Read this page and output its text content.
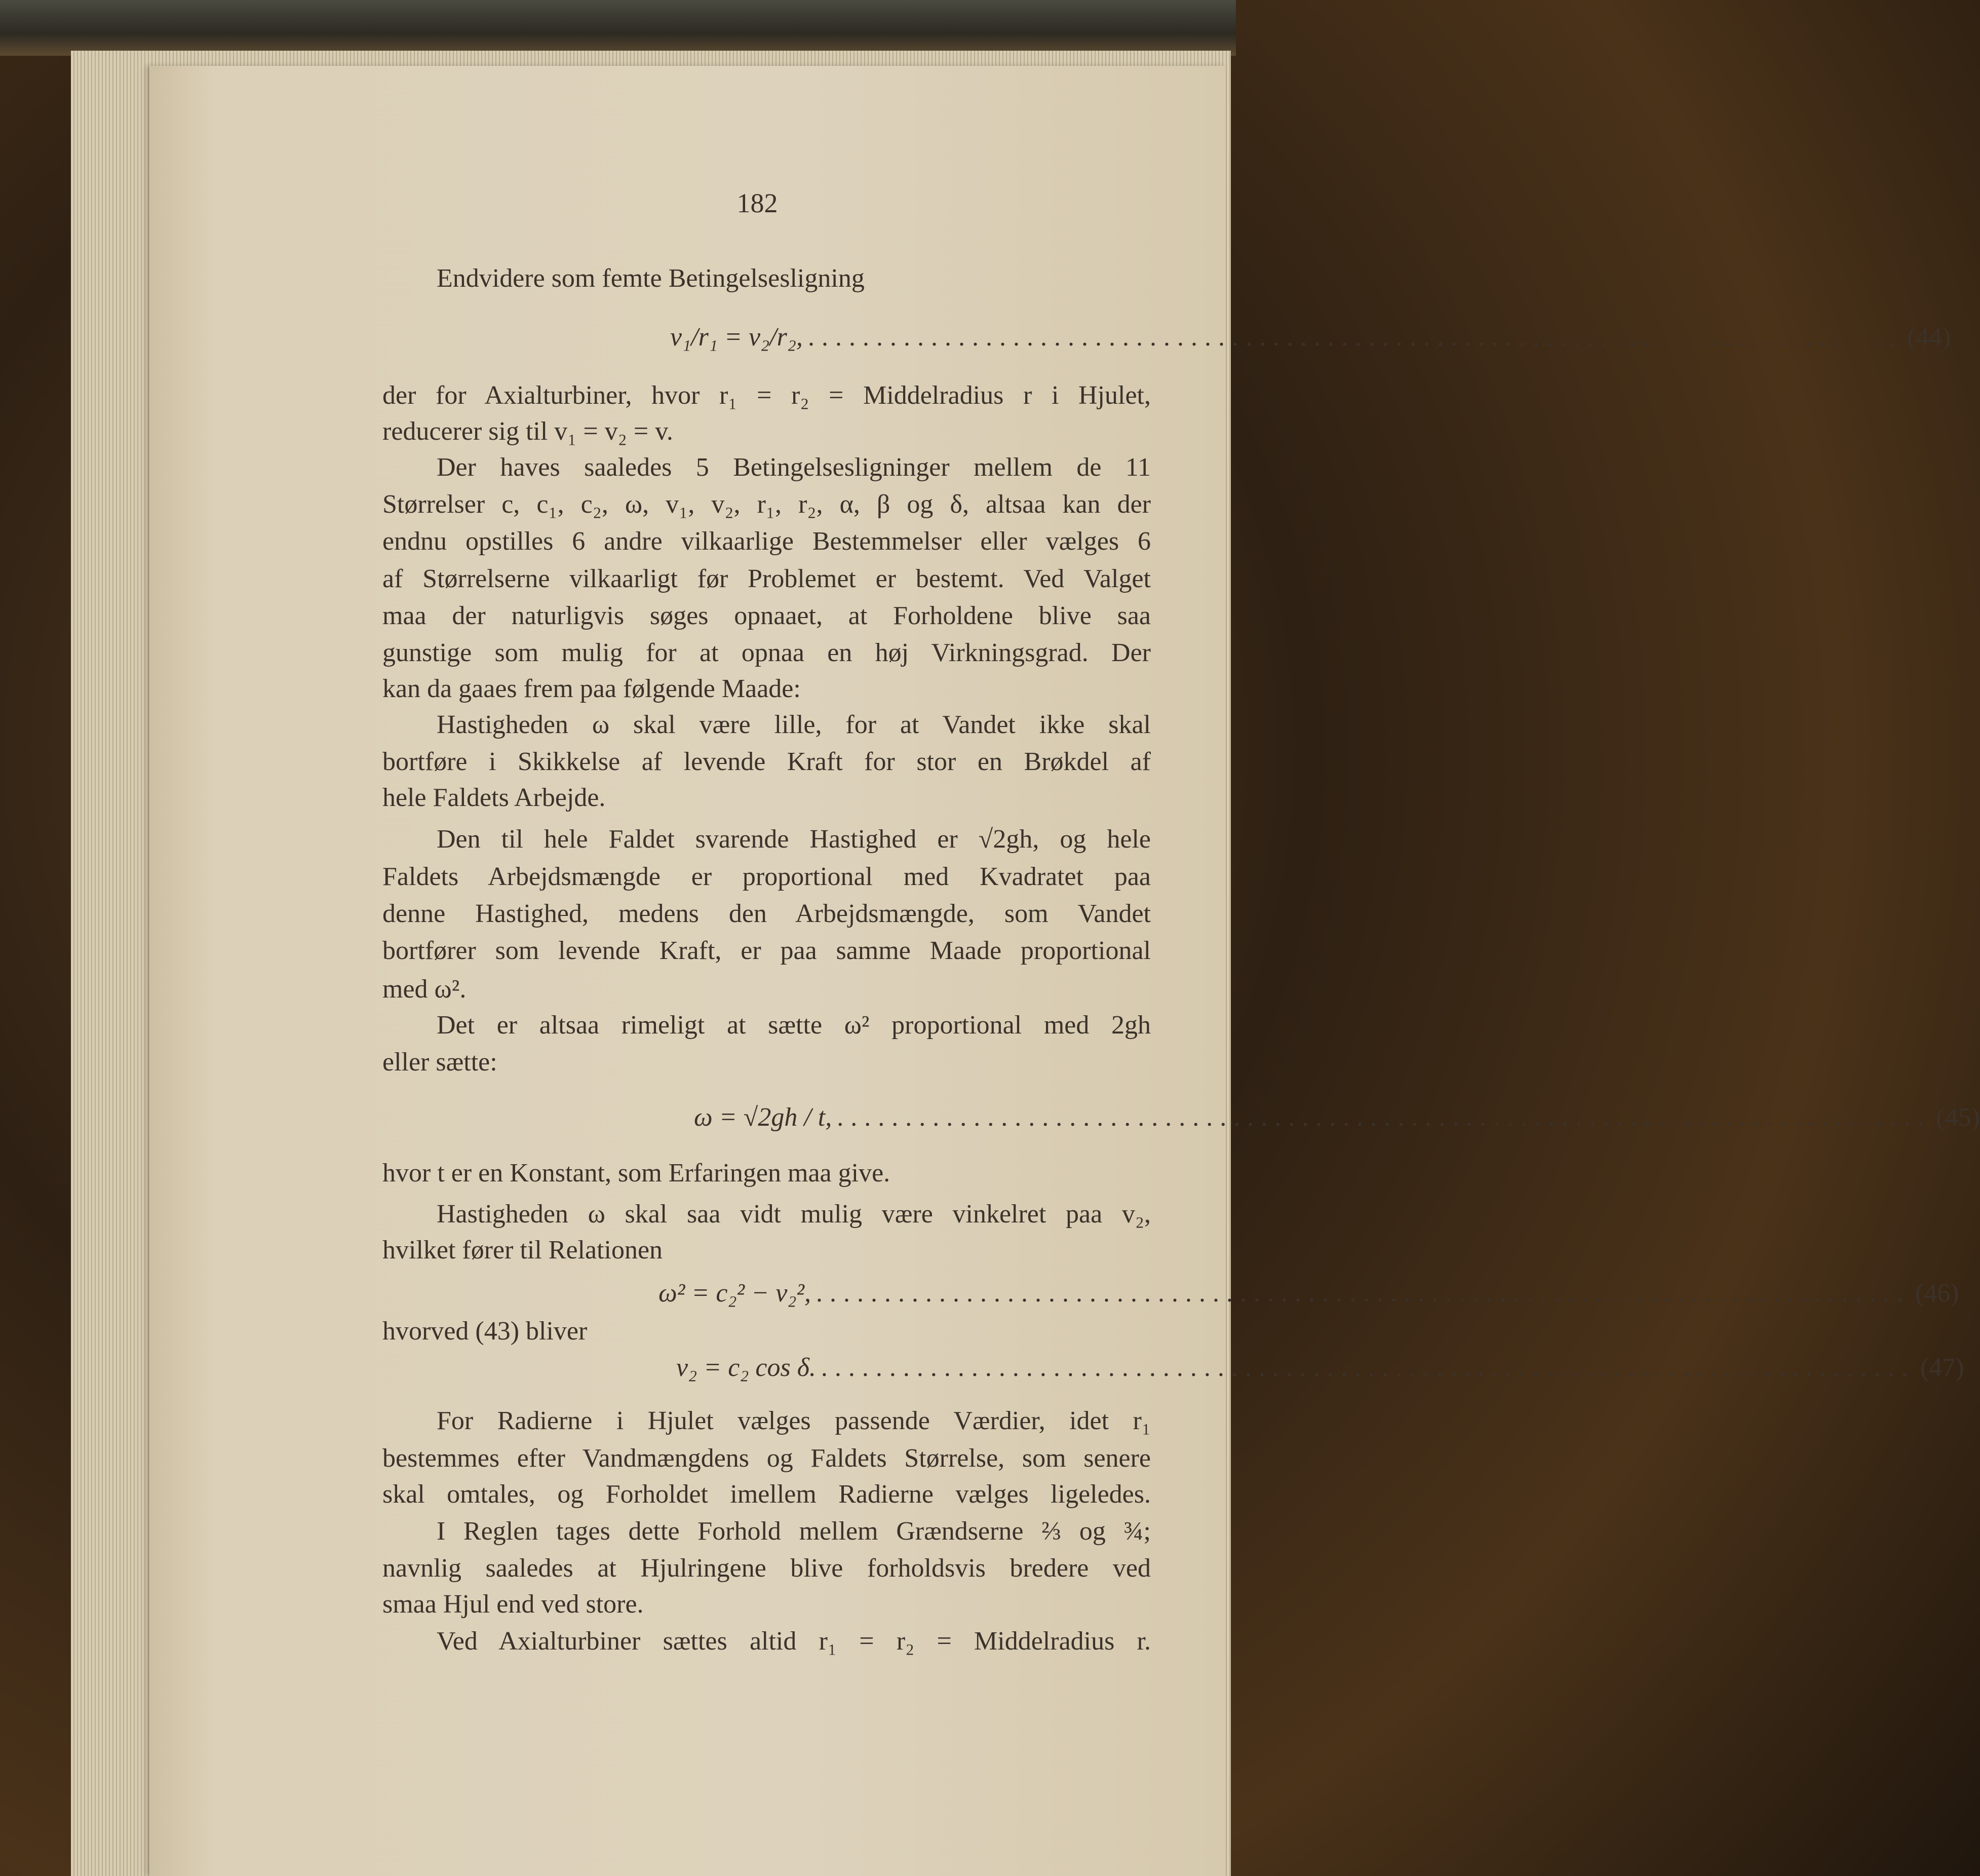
182
Endvidere som femte Betingelsesligning
v₁/r₁ = v₂/r₂, ................................................................................ (44)
der for Axialturbiner, hvor r₁ = r₂ = Middelradius r i Hjulet,
reducerer sig til v₁ = v₂ = v.
Der haves saaledes 5 Betingelsesligninger mellem de 11
Størrelser c, c₁, c₂, ω, v₁, v₂, r₁, r₂, α, β og δ, altsaa kan der
endnu opstilles 6 andre vilkaarlige Bestemmelser eller vælges 6
af Størrelserne vilkaarligt før Problemet er bestemt. Ved Valget
maa der naturligvis søges opnaaet, at Forholdene blive saa
gunstige som mulig for at opnaa en høj Virkningsgrad. Der
kan da gaaes frem paa følgende Maade:
Hastigheden ω skal være lille, for at Vandet ikke skal
bortføre i Skikkelse af levende Kraft for stor en Brøkdel af
hele Faldets Arbejde.
Den til hele Faldet svarende Hastighed er √2gh, og hele
Faldets Arbejdsmængde er proportional med Kvadratet paa
denne Hastighed, medens den Arbejdsmængde, som Vandet
bortfører som levende Kraft, er paa samme Maade proportional
med ω².
Det er altsaa rimeligt at sætte ω² proportional med 2gh
eller sætte:
ω = √2gh / t, ................................................................................ (45)
hvor t er en Konstant, som Erfaringen maa give.
Hastigheden ω skal saa vidt mulig være vinkelret paa v₂,
hvilket fører til Relationen
ω² = c₂² − v₂², ................................................................................ (46)
hvorved (43) bliver
v₂ = c₂ cos δ. ................................................................................ (47)
For Radierne i Hjulet vælges passende Værdier, idet r₁
bestemmes efter Vandmængdens og Faldets Størrelse, som senere
skal omtales, og Forholdet imellem Radierne vælges ligeledes.
I Reglen tages dette Forhold mellem Grændserne ⅔ og ¾;
navnlig saaledes at Hjulringene blive forholdsvis bredere ved
smaa Hjul end ved store.
Ved Axialturbiner sættes altid r₁ = r₂ = Middelradius r.
